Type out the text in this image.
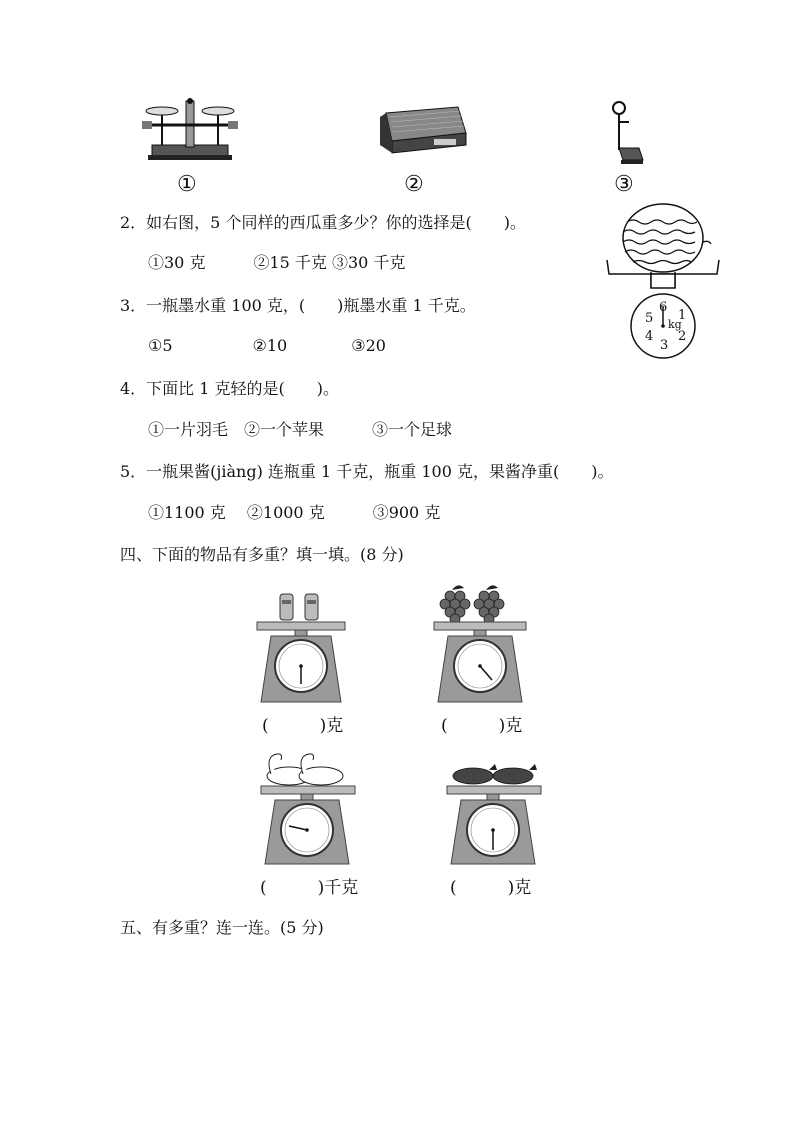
①	②	③
2．如右图，5 个同样的西瓜重多少？你的选择是(　　)。
①30 克　　　②15 千克 ③30 千克
3．一瓶墨水重 100 克，(　　)瓶墨水重 1 千克。
①5　　　　　②10　　　　③20
4．下面比 1 克轻的是(　　)。
①一片羽毛　②一个苹果　　　③一个足球
5．一瓶果酱(jiàng) 连瓶重 1 千克，瓶重 100 克，果酱净重(　　)。
①1100 克　 ②1000 克　　　③900 克
6
1
2
3
4
5 kg
四、下面的物品有多重？填一填。(8 分)
(　　　)克	(　　　)克
(　　　)千克	(　　　)克
五、有多重？连一连。(5 分)
